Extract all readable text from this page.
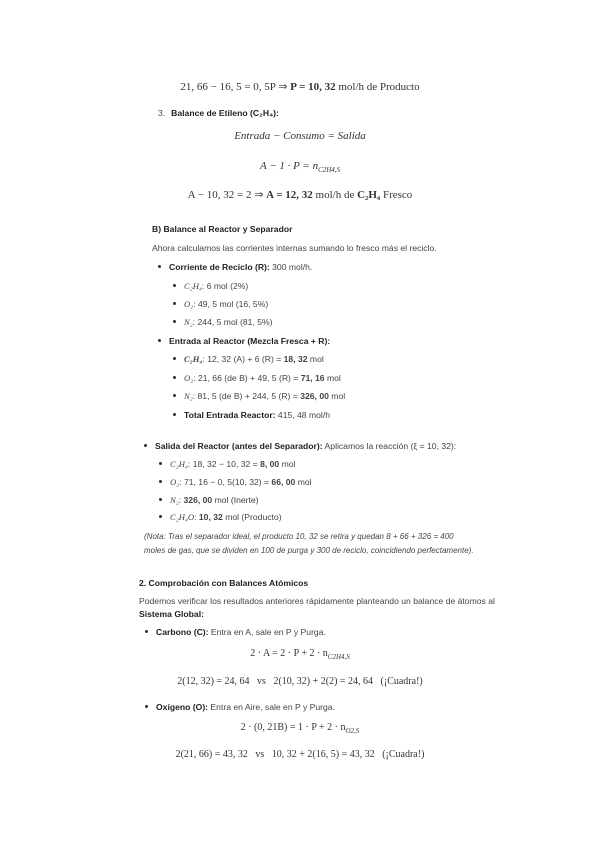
21, 66 − 16, 5 = 0, 5P ⇒ P = 10, 32 mol/h de Producto
3. Balance de Etileno (C₂H₄):
Entrada − Consumo = Salida
$A - 1 \cdot P = n_{C2H4,S}$
A − 10, 32 = 2 ⇒ A = 12, 32 mol/h de C₂H₄ Fresco
B) Balance al Reactor y Separador
Ahora calculamos las corrientes internas sumando lo fresco más el reciclo.
Corriente de Reciclo (R): 300 mol/h.
C₂H₄: 6 mol (2%)
O₂: 49, 5 mol (16, 5%)
N₂: 244, 5 mol (81, 5%)
Entrada al Reactor (Mezcla Fresca + R):
C₂H₄: 12, 32 (A) + 6 (R) = 18, 32 mol
O₂: 21, 66 (de B) + 49, 5 (R) = 71, 16 mol
N₂: 81, 5 (de B) + 244, 5 (R) = 326, 00 mol
Total Entrada Reactor: 415, 48 mol/h
Salida del Reactor (antes del Separador): Aplicamos la reacción (ξ = 10, 32):
C₂H₄: 18, 32 − 10, 32 = 8, 00 mol
O₂: 71, 16 − 0, 5(10, 32) = 66, 00 mol
N₂: 326, 00 mol (Inerte)
C₂H₄O: 10, 32 mol (Producto)
(Nota: Tras el separador ideal, el producto 10, 32 se retira y quedan 8 + 66 + 326 = 400
moles de gas, que se dividen en 100 de purga y 300 de reciclo, coincidiendo perfectamente).
2. Comprobación con Balances Atómicos
Podemos verificar los resultados anteriores rápidamente planteando un balance de átomos al
Sistema Global:
Carbono (C): Entra en A, sale en P y Purga.
$2 \cdot A = 2 \cdot P + 2 \cdot n_{C2H4,S}$
2(12, 32) = 24, 64   vs   2(10, 32) + 2(2) = 24, 64   (¡Cuadra!)
Oxígeno (O): Entra en Aire, sale en P y Purga.
2 · (0, $21B) = 1 \cdot P + 2 \cdot n_{O2,S}$
2(21, 66) = 43, 32   vs   10, 32 + 2(16, 5) = 43, 32   (¡Cuadra!)
